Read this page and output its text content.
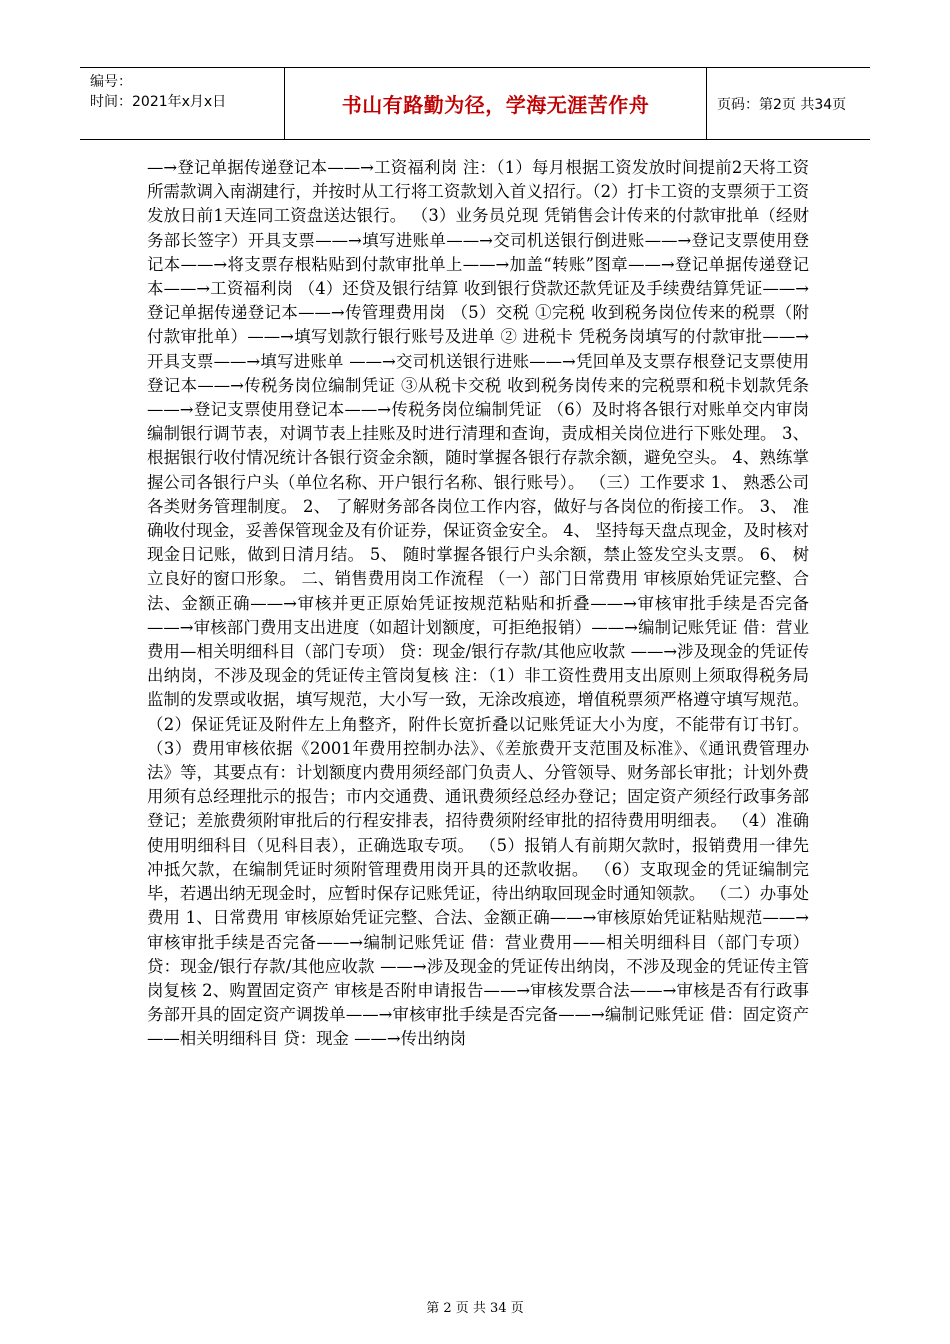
编号：
时间：2021年x月x日	书山有路勤为径，学海无涯苦作舟	页码：第2页 共34页
—→登记单据传递登记本——→工资福利岗 注：（1）每月根据工资发放时间提前2天将工资所需款调入南湖建行，并按时从工行将工资款划入首义招行。（2）打卡工资的支票须于工资发放日前1天连同工资盘送达银行。 （3）业务员兑现 凭销售会计传来的付款审批单（经财务部长签字）开具支票——→填写进账单——→交司机送银行倒进账——→登记支票使用登记本——→将支票存根粘贴到付款审批单上——→加盖“转账”图章——→登记单据传递登记本——→工资福利岗 （4）还贷及银行结算 收到银行贷款还款凭证及手续费结算凭证——→登记单据传递登记本——→传管理费用岗 （5）交税 ①完税 收到税务岗位传来的税票（附付款审批单）——→填写划款行银行账号及进单 ② 进税卡 凭税务岗填写的付款审批——→开具支票——→填写进账单 ——→交司机送银行进账——→凭回单及支票存根登记支票使用登记本——→传税务岗位编制凭证 ③从税卡交税 收到税务岗传来的完税票和税卡划款凭条——→登记支票使用登记本——→传税务岗位编制凭证 （6）及时将各银行对账单交内审岗编制银行调节表，对调节表上挂账及时进行清理和查询，责成相关岗位进行下账处理。 3、根据银行收付情况统计各银行资金余额，随时掌握各银行存款余额，避免空头。 4、熟练掌握公司各银行户头（单位名称、开户银行名称、银行账号）。 （三）工作要求 1、 熟悉公司各类财务管理制度。 2、 了解财务部各岗位工作内容，做好与各岗位的衔接工作。 3、 准确收付现金，妥善保管现金及有价证券，保证资金安全。 4、 坚持每天盘点现金，及时核对现金日记账，做到日清月结。 5、 随时掌握各银行户头余额，禁止签发空头支票。 6、 树立良好的窗口形象。 二、销售费用岗工作流程 （一）部门日常费用 审核原始凭证完整、合法、金额正确——→审核并更正原始凭证按规范粘贴和折叠——→审核审批手续是否完备——→审核部门费用支出进度（如超计划额度，可拒绝报销）——→编制记账凭证 借：营业费用—相关明细科目（部门专项） 贷：现金/银行存款/其他应收款 ——→涉及现金的凭证传出纳岗，不涉及现金的凭证传主管岗复核 注：（1）非工资性费用支出原则上须取得税务局监制的发票或收据，填写规范，大小写一致，无涂改痕迹，增值税票须严格遵守填写规范。 （2）保证凭证及附件左上角整齐，附件长宽折叠以记账凭证大小为度，不能带有订书钉。 （3）费用审核依据《2001年费用控制办法》、《差旅费开支范围及标准》、《通讯费管理办法》等，其要点有：计划额度内费用须经部门负责人、分管领导、财务部长审批；计划外费用须有总经理批示的报告；市内交通费、通讯费须经总经办登记；固定资产须经行政事务部登记；差旅费须附审批后的行程安排表，招待费须附经审批的招待费用明细表。 （4）准确使用明细科目（见科目表），正确选取专项。 （5）报销人有前期欠款时，报销费用一律先冲抵欠款，在编制凭证时须附管理费用岗开具的还款收据。 （6）支取现金的凭证编制完毕，若遇出纳无现金时，应暂时保存记账凭证，待出纳取回现金时通知领款。 （二）办事处费用 1、日常费用 审核原始凭证完整、合法、金额正确——→审核原始凭证粘贴规范——→审核审批手续是否完备——→编制记账凭证 借：营业费用——相关明细科目（部门专项） 贷：现金/银行存款/其他应收款 ——→涉及现金的凭证传出纳岗，不涉及现金的凭证传主管岗复核 2、购置固定资产 审核是否附申请报告——→审核发票合法——→审核是否有行政事务部开具的固定资产调拨单——→审核审批手续是否完备——→编制记账凭证 借：固定资产——相关明细科目 贷：现金 ——→传出纳岗
第 2 页 共 34 页
